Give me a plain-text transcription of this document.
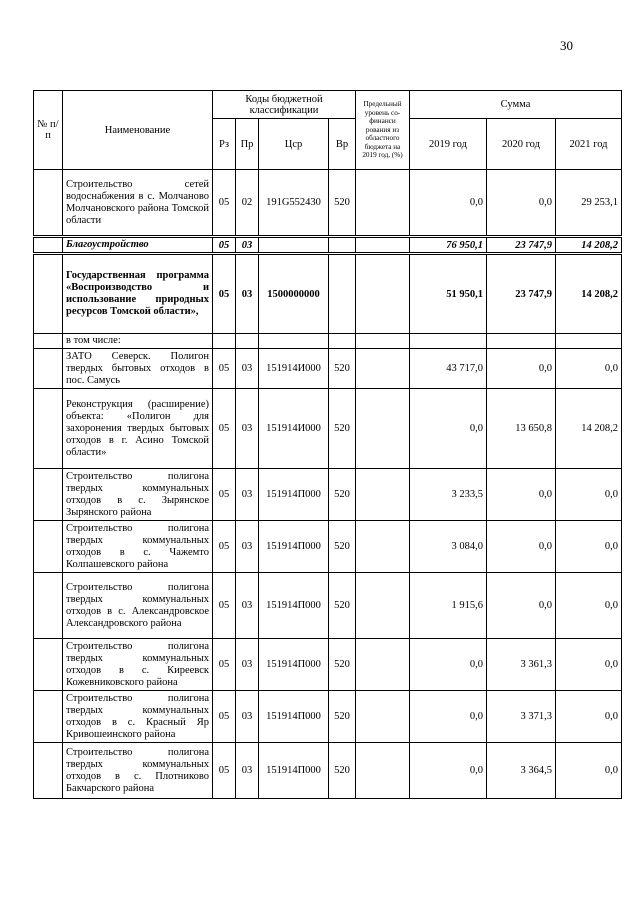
30
№ п/п	Наименование	Коды бюджетной классификации				Предельный уровень со-финанси рования из областного бюджета на 2019 год, (%)	Сумма		
		Рз	Пр	Цср	Вр		2019 год	2020 год	2021 год
	Строительство сетей водоснабжения в с. Молчаново Молчановского района Томской области	05	02	191G552430	520		0,0	0,0	29 253,1
	Благоустройство	05	03				76 950,1	23 747,9	14 208,2
	Государственная программа «Воспроизводство и использование природных ресурсов Томской области»,	05	03	1500000000			51 950,1	23 747,9	14 208,2
	в том числе:								
	ЗАТО Северск. Полигон твердых бытовых отходов в пос. Самусь	05	03	151914И000	520		43 717,0	0,0	0,0
	Реконструкция (расширение) объекта: «Полигон для захоронения твердых бытовых отходов в г. Асино Томской области»	05	03	151914И000	520		0,0	13 650,8	14 208,2
	Строительство полигона твердых коммунальных отходов в с. Зырянское Зырянского района	05	03	151914П000	520		3 233,5	0,0	0,0
	Строительство полигона твердых коммунальных отходов в с. Чажемто Колпашевского района	05	03	151914П000	520		3 084,0	0,0	0,0
	Строительство полигона твердых коммунальных отходов в с. Александровское Александровского района	05	03	151914П000	520		1 915,6	0,0	0,0
	Строительство полигона твердых коммунальных отходов в с. Киреевск Кожевниковского района	05	03	151914П000	520		0,0	3 361,3	0,0
	Строительство полигона твердых коммунальных отходов в с. Красный Яр Кривошеинского района	05	03	151914П000	520		0,0	3 371,3	0,0
	Строительство полигона твердых коммунальных отходов в с. Плотниково Бакчарского района	05	03	151914П000	520		0,0	3 364,5	0,0
